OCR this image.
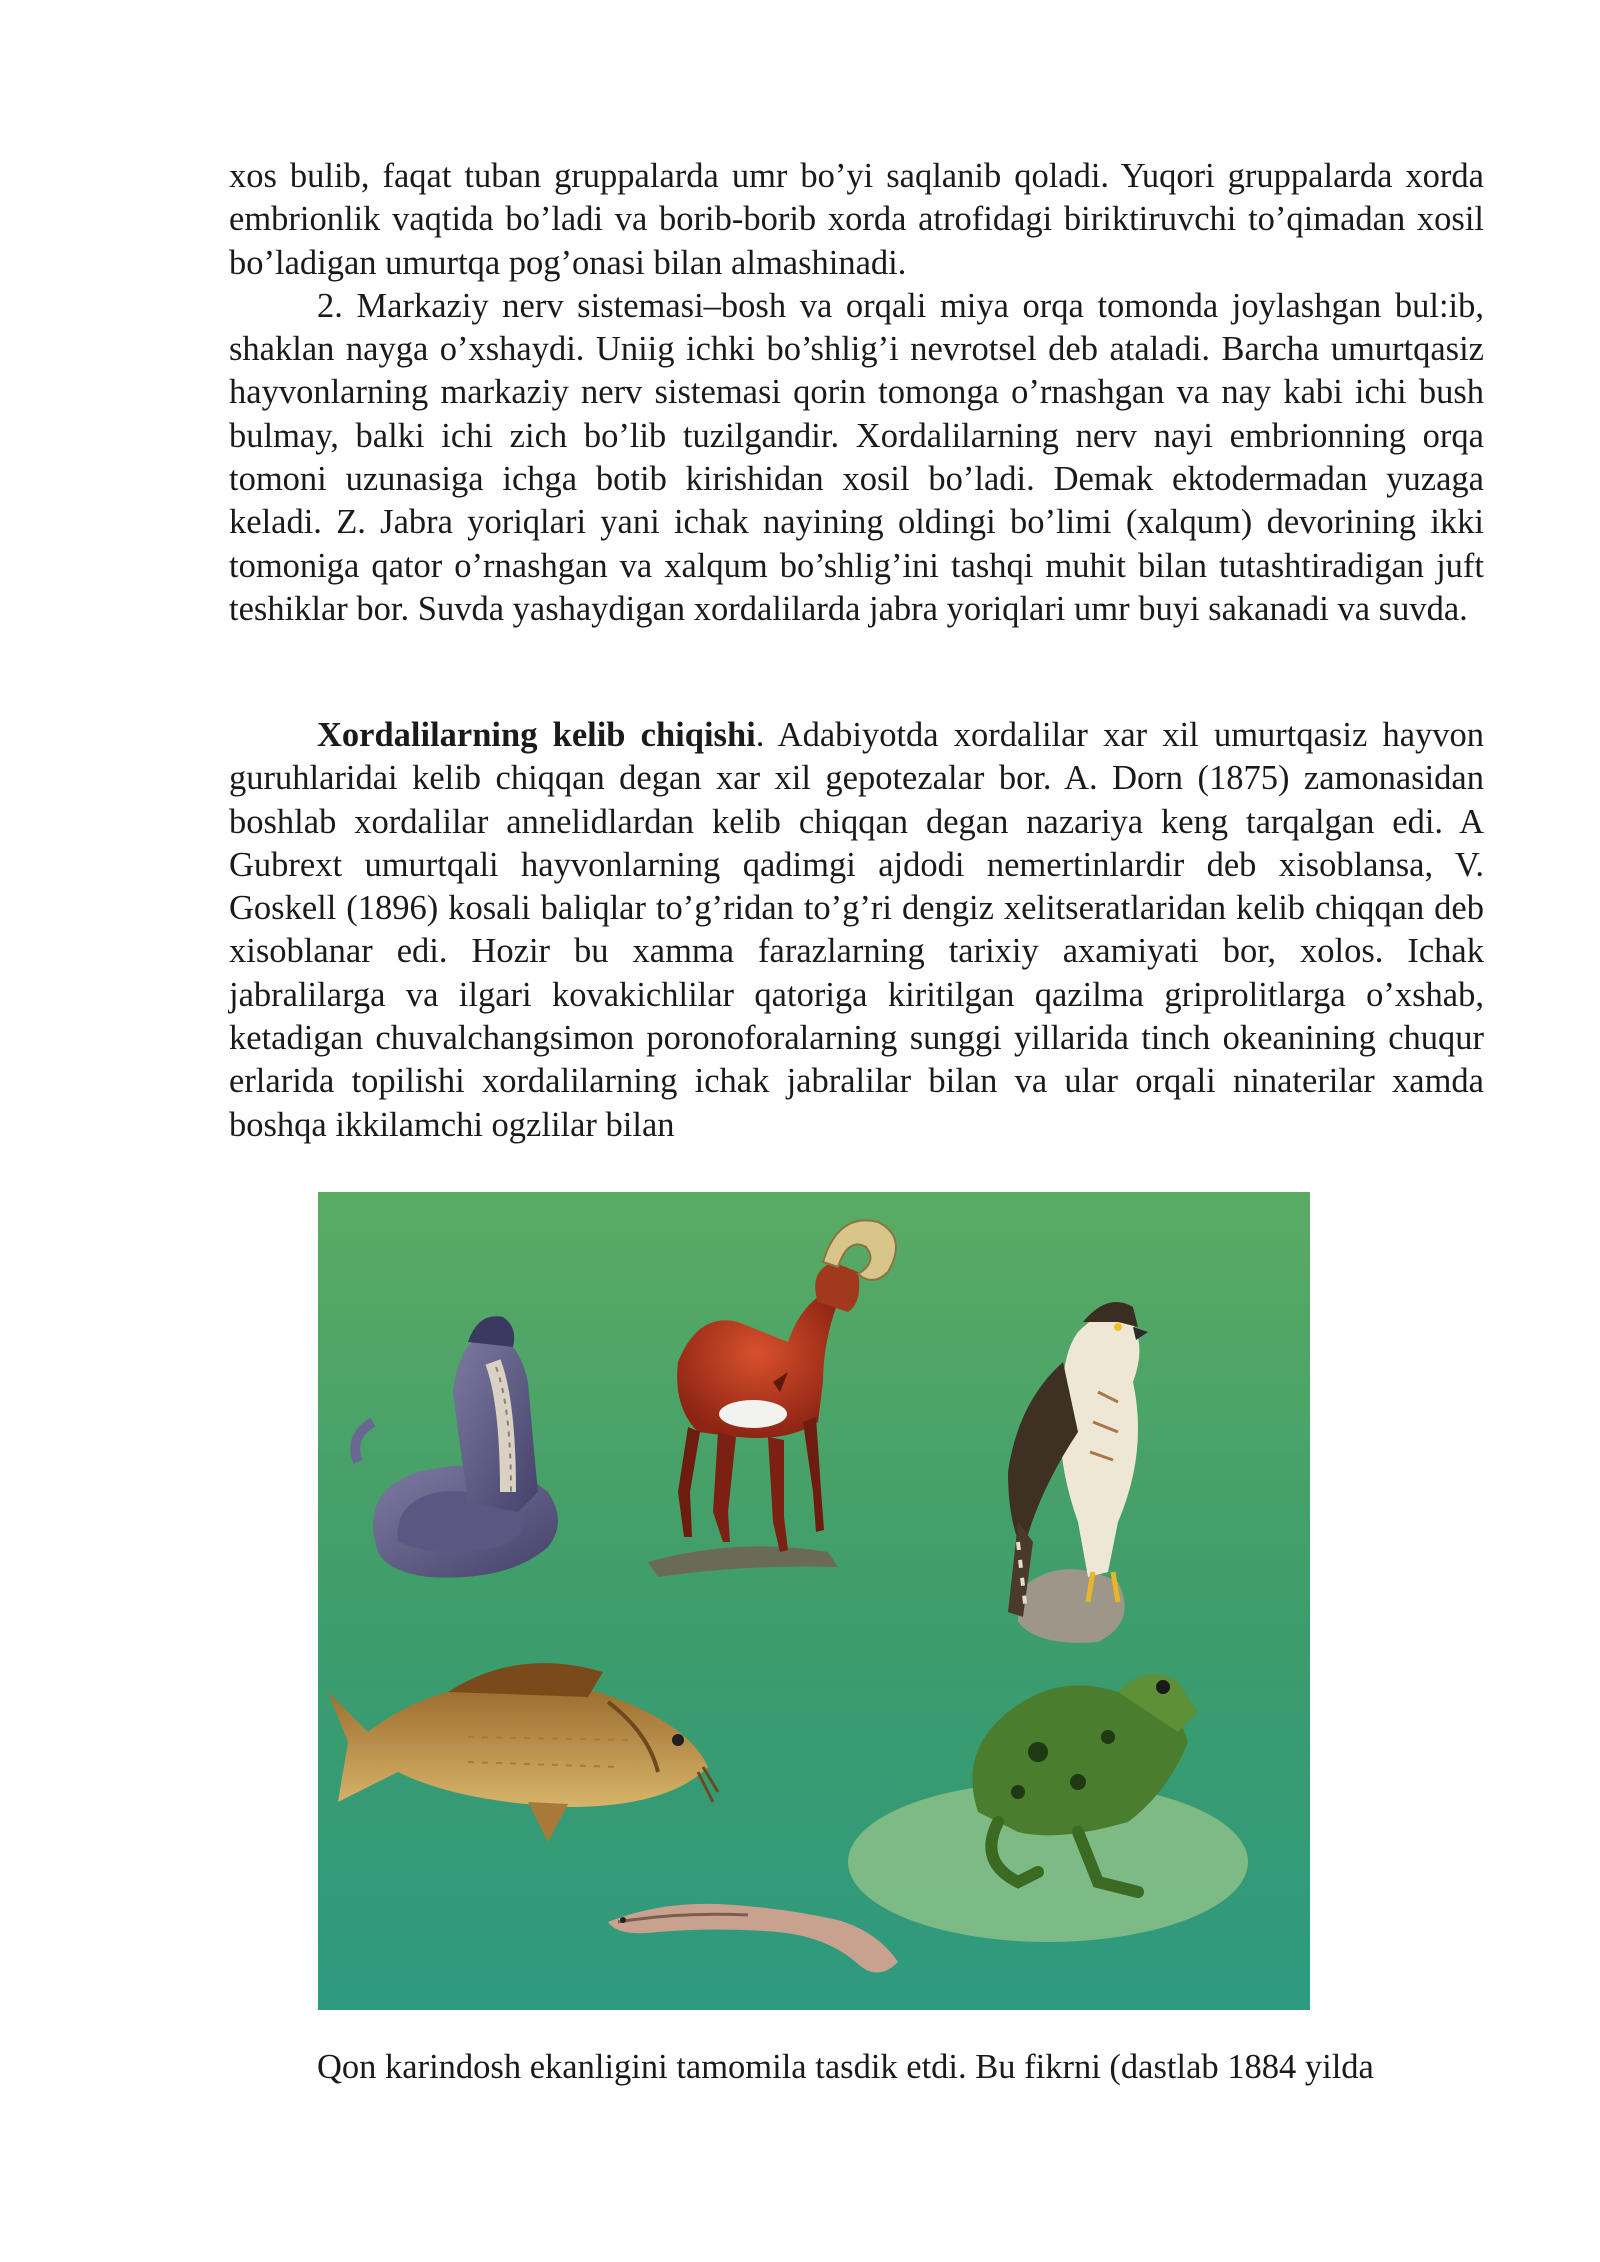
xos bulib, faqat tuban gruppalarda umr bo’yi saqlanib qoladi. Yuqori gruppalarda xorda embrionlik vaqtida bo’ladi va borib-borib xorda atrofidagi biriktiruvchi to’qimadan xosil bo’ladigan umurtqa pog’onasi bilan almashinadi.

2. Markaziy nerv sistemasi–bosh va orqali miya orqa tomonda joylashgan bul:ib, shaklan nayga o’xshaydi. Uniig ichki bo’shlig’i nevrotsel deb ataladi. Barcha umurtqasiz hayvonlarning markaziy nerv sistemasi qorin tomonga o’rnashgan va nay kabi ichi bush bulmay, balki ichi zich bo’lib tuzilgandir. Xordalilarning nerv nayi embrionning orqa tomoni uzunasiga ichga botib kirishidan xosil bo’ladi. Demak ektodermadan yuzaga keladi. Z. Jabra yoriqlari yani ichak nayining oldingi bo’limi (xalqum) devorining ikki tomoniga qator o’rnashgan va xalqum bo’shlig’ini tashqi muhit bilan tutashtiradigan juft teshiklar bor. Suvda yashaydigan xordalilarda jabra yoriqlari umr buyi sakanadi va suvda.

Xordalilarning kelib chiqishi. Adabiyotda xordalilar xar xil umurtqasiz hayvon guruhlaridai kelib chiqqan degan xar xil gepotezalar bor. A. Dorn (1875) zamonasidan boshlab xordalilar annelidlardan kelib chiqqan degan nazariya keng tarqalgan edi. A Gubrext umurtqali hayvonlarning qadimgi ajdodi nemertinlardir deb xisoblansa, V. Goskell (1896) kosali baliqlar to’g’ridan to’g’ri dengiz xelitseratlaridan kelib chiqqan deb xisoblanar edi. Hozir bu xamma farazlarning tarixiy axamiyati bor, xolos. Ichak jabralilarga va ilgari kovakichlilar qatoriga kiritilgan qazilma griprolitlarga o’xshab, ketadigan chuvalchangsimon poronoforalarning sunggi yillarida tinch okeanining chuqur erlarida topilishi xordalilarning ichak jabralilar bilan va ular orqali ninaterilar xamda boshqa ikkilamchi ogzlilar bilan

Qon karindosh ekanligini tamomila tasdik etdi. Bu fikrni (dastlab 1884 yilda
